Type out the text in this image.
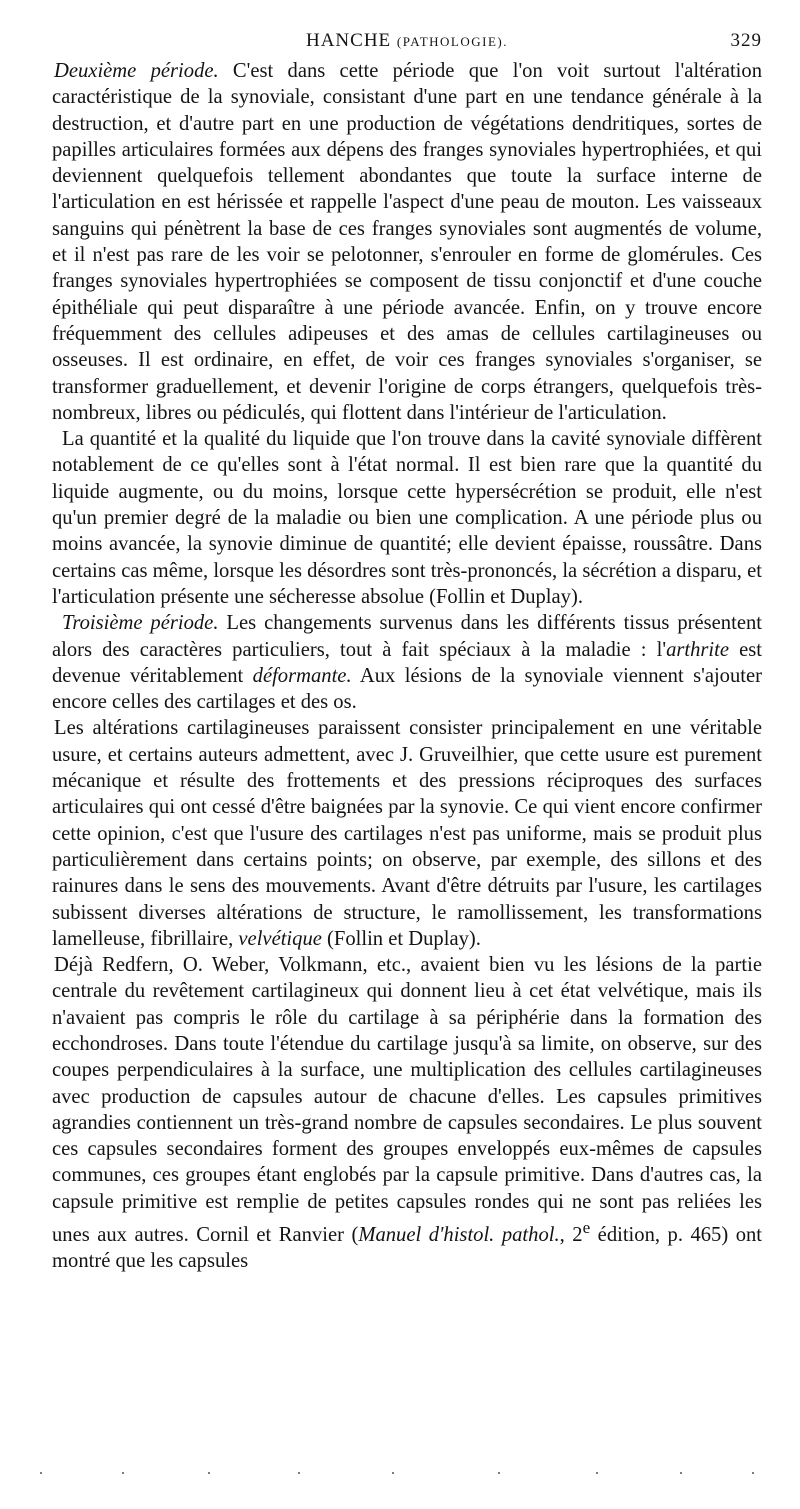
HANCHE (PATHOLOGIE).	329

Deuxième période. C'est dans cette période que l'on voit surtout l'altération caractéristique de la synoviale, consistant d'une part en une tendance générale à la destruction, et d'autre part en une production de végétations dendritiques, sortes de papilles articulaires formées aux dépens des franges synoviales hypertrophiées, et qui deviennent quelquefois tellement abondantes que toute la surface interne de l'articulation en est hérissée et rappelle l'aspect d'une peau de mouton. Les vaisseaux sanguins qui pénètrent la base de ces franges synoviales sont augmentés de volume, et il n'est pas rare de les voir se pelotonner, s'enrouler en forme de glomérules. Ces franges synoviales hypertrophiées se composent de tissu conjonctif et d'une couche épithéliale qui peut disparaître à une période avancée. Enfin, on y trouve encore fréquemment des cellules adipeuses et des amas de cellules cartilagineuses ou osseuses. Il est ordinaire, en effet, de voir ces franges synoviales s'organiser, se transformer graduellement, et devenir l'origine de corps étrangers, quelquefois très-nombreux, libres ou pédiculés, qui flottent dans l'intérieur de l'articulation.

La quantité et la qualité du liquide que l'on trouve dans la cavité synoviale diffèrent notablement de ce qu'elles sont à l'état normal. Il est bien rare que la quantité du liquide augmente, ou du moins, lorsque cette hypersécrétion se produit, elle n'est qu'un premier degré de la maladie ou bien une complication. A une période plus ou moins avancée, la synovie diminue de quantité; elle devient épaisse, roussâtre. Dans certains cas même, lorsque les désordres sont très-prononcés, la sécrétion a disparu, et l'articulation présente une sécheresse absolue (Follin et Duplay).

Troisième période. Les changements survenus dans les différents tissus présentent alors des caractères particuliers, tout à fait spéciaux à la maladie : l'arthrite est devenue véritablement déformante. Aux lésions de la synoviale viennent s'ajouter encore celles des cartilages et des os.

Les altérations cartilagineuses paraissent consister principalement en une véritable usure, et certains auteurs admettent, avec J. Gruveilhier, que cette usure est purement mécanique et résulte des frottements et des pressions réciproques des surfaces articulaires qui ont cessé d'être baignées par la synovie. Ce qui vient encore confirmer cette opinion, c'est que l'usure des cartilages n'est pas uniforme, mais se produit plus particulièrement dans certains points; on observe, par exemple, des sillons et des rainures dans le sens des mouvements. Avant d'être détruits par l'usure, les cartilages subissent diverses altérations de structure, le ramollissement, les transformations lamelleuse, fibrillaire, velvétique (Follin et Duplay).

Déjà Redfern, O. Weber, Volkmann, etc., avaient bien vu les lésions de la partie centrale du revêtement cartilagineux qui donnent lieu à cet état velvétique, mais ils n'avaient pas compris le rôle du cartilage à sa périphérie dans la formation des ecchondroses. Dans toute l'étendue du cartilage jusqu'à sa limite, on observe, sur des coupes perpendiculaires à la surface, une multiplication des cellules cartilagineuses avec production de capsules autour de chacune d'elles. Les capsules primitives agrandies contiennent un très-grand nombre de capsules secondaires. Le plus souvent ces capsules secondaires forment des groupes enveloppés eux-mêmes de capsules communes, ces groupes étant englobés par la capsule primitive. Dans d'autres cas, la capsule primitive est remplie de petites capsules rondes qui ne sont pas reliées les unes aux autres. Cornil et Ranvier (Manuel d'histol. pathol., 2e édition, p. 465) ont montré que les capsules
